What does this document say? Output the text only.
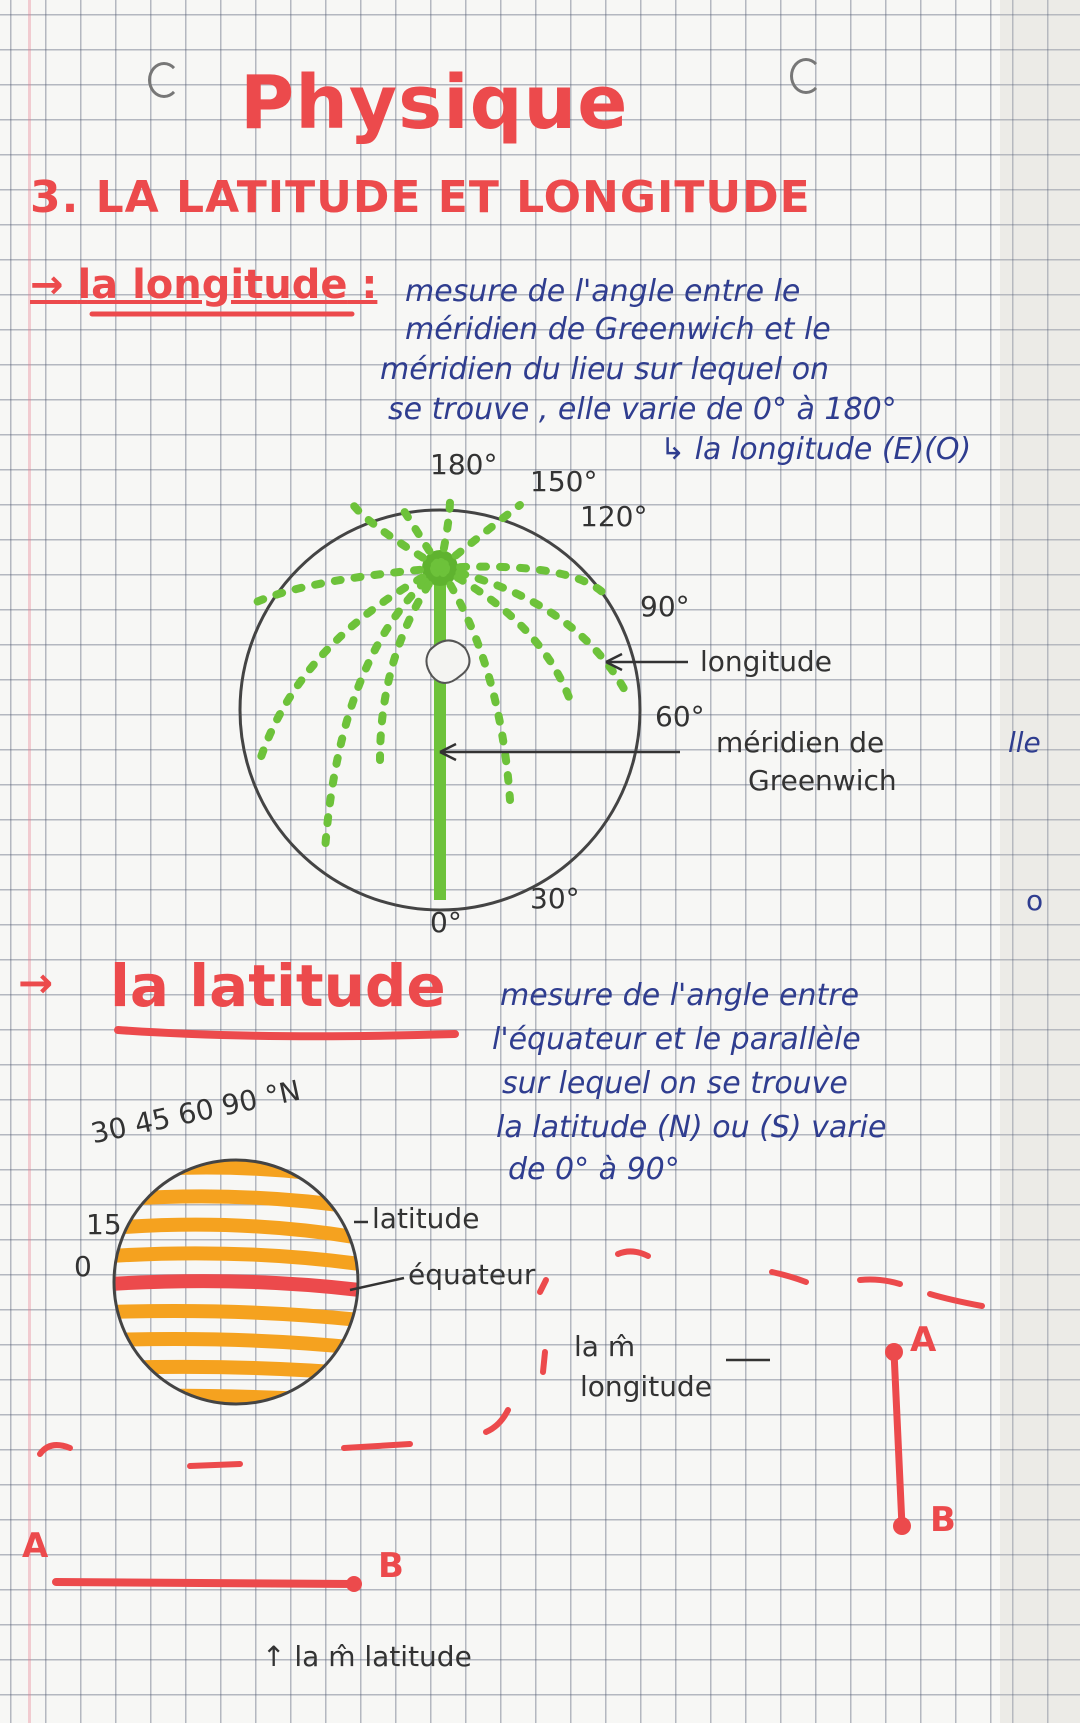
Physique
3. LA LATITUDE ET LONGITUDE
→ la longitude : mesure de l'angle entre le
méridien de Greenwich et le
méridien du lieu sur lequel on
se trouve , elle varie de 0° à 180°
↳ la longitude (E)(O)
180°
150°
120°
90°
60°
30°
0°
longitude
méridien de
Greenwich
→ la latitude mesure de l'angle entre
l'équateur et le parallèle
sur lequel on se trouve
la latitude (N) ou (S) varie
de 0° à 90°
30 45 60 90 °N
15
0
latitude
équateur
la m̂
longitude
A
B
A	B
↑ la m̂ latitude
lle
o
